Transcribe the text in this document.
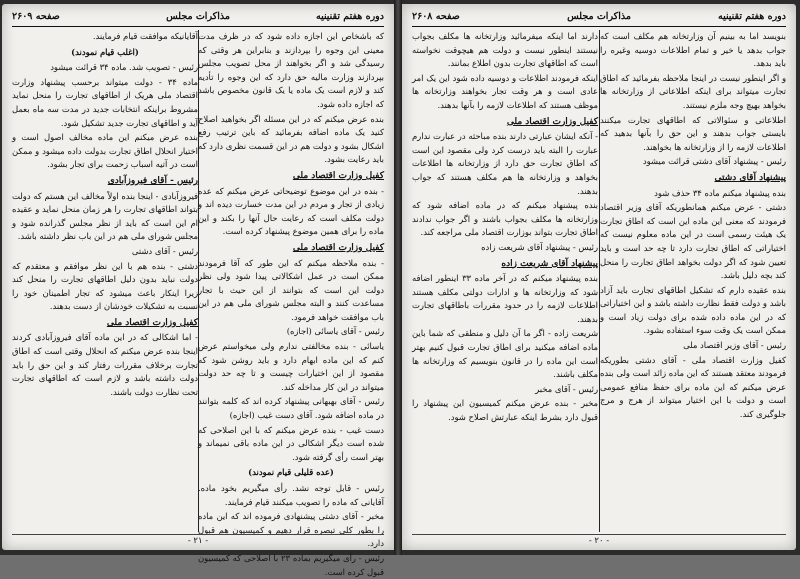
دوره هفتم تقنینیه
مذاکرات مجلس
صفحه ۲۶۰۹

که باشخاص این اجازه داده شود که در ظرف مدت معینی این وجوه را بپردازند و بنابراین هر وقتی که رسیدگی شد و اگر بخواهند از محل تصویب مجلس بپردازند وزارت مالیه حق دارد که این وجوه را تأدیه کند و لازم است یک ماده یا یک قانون مخصوص باشد که اجازه داده شود.

بنده عرض میکنم که در این مسئله اگر بخواهید اصلاح کنید یک ماده اضافه بفرمائید که باین ترتیب رفع اشکال بشود و دولت هم در این قسمت نظری دارد که باید رعایت بشود.

کفیل وزارت اقتصاد ملی

- بنده در این موضوع توضیحاتی عرض میکنم که عده زیادی از تجار و مردم در این مدت خسارت دیده اند و دولت مکلف است که رعایت حال آنها را بکند و این ماده را برای همین موضوع پیشنهاد کرده است.

کفیل وزارت اقتصاد ملی

- بنده ملاحظه میکنم که این طور که آقا فرمودند ممکن است در عمل اشکالاتی پیدا شود ولی نظر دولت این است که بتوانند از این حیث با تجار مساعدت کنند و البته مجلس شورای ملی هم در این باب موافقت خواهد فرمود.

رئیس - آقای یاسائی (اجازه)

یاسائی - بنده مخالفتی ندارم ولی میخواستم عرض کنم که این ماده ابهام دارد و باید روشن شود که مقصود از این اختیارات چیست و تا چه حد دولت میتواند در این کار مداخله کند.

رئیس - آقای بهبهانی پیشنهاد کرده اند که کلمه بتوانند در ماده اضافه شود. آقای دست غیب (اجازه)

دست غیب - بنده عرض میکنم که با این اصلاحی که شده است دیگر اشکالی در این ماده باقی نمیماند و بهتر است رأی گرفته شود.

(عده قلیلی قیام نمودند)

رئیس - قابل توجه نشد. رأی میگیریم بخود ماده. آقایانی که ماده را تصویب میکنند قیام فرمایند.

مخبر - آقای دشتی پیشنهادی فرموده اند که این ماده را بطور کلی تبصره قرار دهیم و کمیسیون هم قبول دارد.

رئیس - رأی میگیریم بماده ۲۳ با اصلاحی که کمیسیون قبول کرده است.

آقایانیکه موافقت قیام فرمایند.

(اغلب قیام نمودند)

رئیس - تصویب شد. ماده ۳۴ قرائت میشود

ماده ۳۴ - دولت میتواند برحسب پیشنهاد وزارت اقتصاد ملی هریک از اطاقهای تجارت را منحل نماید مشروط براینکه انتخابات جدید در مدت سه ماه بعمل آید و اطاقهای تجارت جدید تشکیل شود.

بنده عرض میکنم این ماده مخالف اصول است و اختیار انحلال اطاق تجارت بدولت داده میشود و ممکن است در آتیه اسباب زحمت برای تجار بشود.

رئیس - آقای فیروزآبادی

فیروزآبادی - اینجا بنده اولاً مخالف این هستم که دولت بتواند اطاقهای تجارت را هر زمان منحل نماید و عقیده ام این است که باید از نظر مجلس گذرانده شود و مجلس شورای ملی هم در این باب نظر داشته باشد.

رئیس - آقای دشتی

دشتی - بنده هم با این نظر موافقم و معتقدم که دولت نباید بدون دلیل اطاقهای تجارت را منحل کند زیرا اینکار باعث میشود که تجار اطمینان خود را نسبت به تشکیلات خودشان از دست بدهند.

کفیل وزارت اقتصاد ملی

- اما اشکالی که در این ماده آقای فیروزآبادی کردند اینجا بنده عرض میکنم که انحلال وقتی است که اطاق تجارت برخلاف مقررات رفتار کند و این حق را باید دولت داشته باشد و لازم است که اطاقهای تجارت تحت نظارت دولت باشند.

- ۲۱ -
دوره هفتم تقنینیه
مذاکرات مجلس
صفحه ۲۶۰۸

بنویسد اما به بینیم آن وزارتخانه هم مکلف است که جواب بدهد یا خیر و تمام اطلاعات دوسیه وغیره را باید بدهد.

و اگر اینطور نیست در اینجا ملاحظه بفرمائید که اطاق تجارت میتواند برای اینکه اطلاعاتی از وزارتخانه ها بخواهد بهیچ وجه ملزم نیستند.

اطلاعاتی و سئوالاتی که اطاقهای تجارت میکنند بایستی جواب بدهند و این حق را بآنها بدهید که اطلاعات لازمه را از وزارتخانه ها بخواهند.

رئیس - پیشنهاد آقای دشتی قرائت میشود

پیشنهاد آقای دشتی

بنده پیشنهاد میکنم ماده ۳۴ حذف شود

دشتی - عرض میکنم همانطوریکه آقای وزیر اقتصاد فرمودند که معنی این ماده این است که اطاق تجارت یک هیئت رسمی است در این ماده معلوم نیست که اختیاراتی که اطاق تجارت دارد تا چه حد است و باید تعیین شود که اگر دولت بخواهد اطاق تجارت را منحل کند بچه دلیل باشد.

بنده عقیده دارم که تشکیل اطاقهای تجارت باید آزاد باشد و دولت فقط نظارت داشته باشد و این اختیاراتی که در این ماده داده شده برای دولت زیاد است و ممکن است یک وقت سوء استفاده بشود.

رئیس - آقای وزیر اقتصاد ملی

کفیل وزارت اقتصاد ملی - آقای دشتی بطوریکه فرمودند معتقد هستند که این ماده زائد است ولی بنده عرض میکنم که این ماده برای حفظ منافع عمومی است و دولت با این اختیار میتواند از هرج و مرج جلوگیری کند.

دارند اما اینکه میفرمائید وزارتخانه ها مکلف بجواب نیستند اینطور نیست و دولت هم هیچوقت نخواسته است که اطاقهای تجارت بدون اطلاع بمانند.

اینکه فرمودند اطلاعات و دوسیه داده شود این یک امر عادی است و هر وقت تجار بخواهند وزارتخانه ها موظف هستند که اطلاعات لازمه را بآنها بدهند.

کفیل وزارت اقتصاد ملی

- آنکه ایشان عبارتی دارند بنده مباحثه در عبارت ندارم عبارت را البته باید درست کرد ولی مقصود این است که اطاق تجارت حق دارد از وزارتخانه ها اطلاعات بخواهد و وزارتخانه ها هم مکلف هستند که جواب بدهند.

بنده پیشنهاد میکنم که در ماده اضافه شود که وزارتخانه ها مکلف بجواب باشند و اگر جواب ندادند اطاق تجارت بتواند بوزارت اقتصاد ملی مراجعه کند.

رئیس - پیشنهاد آقای شریعت زاده

پیشنهاد آقای شریعت زاده

بنده پیشنهاد میکنم که در آخر ماده ۳۳ اینطور اضافه شود که وزارتخانه ها و ادارات دولتی مکلف هستند اطلاعات لازمه را در حدود مقررات باطاقهای تجارت بدهند.

شریعت زاده - اگر ما آن دلیل و منطقی که شما باین ماده اضافه میکنید برای اطاق تجارت قبول کنیم بهتر است این ماده را در قانون بنویسیم که وزارتخانه ها مکلف باشند.

رئیس - آقای مخبر

مخبر - بنده عرض میکنم کمیسیون این پیشنهاد را قبول دارد بشرط اینکه عبارتش اصلاح شود.

- ۲۰ -
